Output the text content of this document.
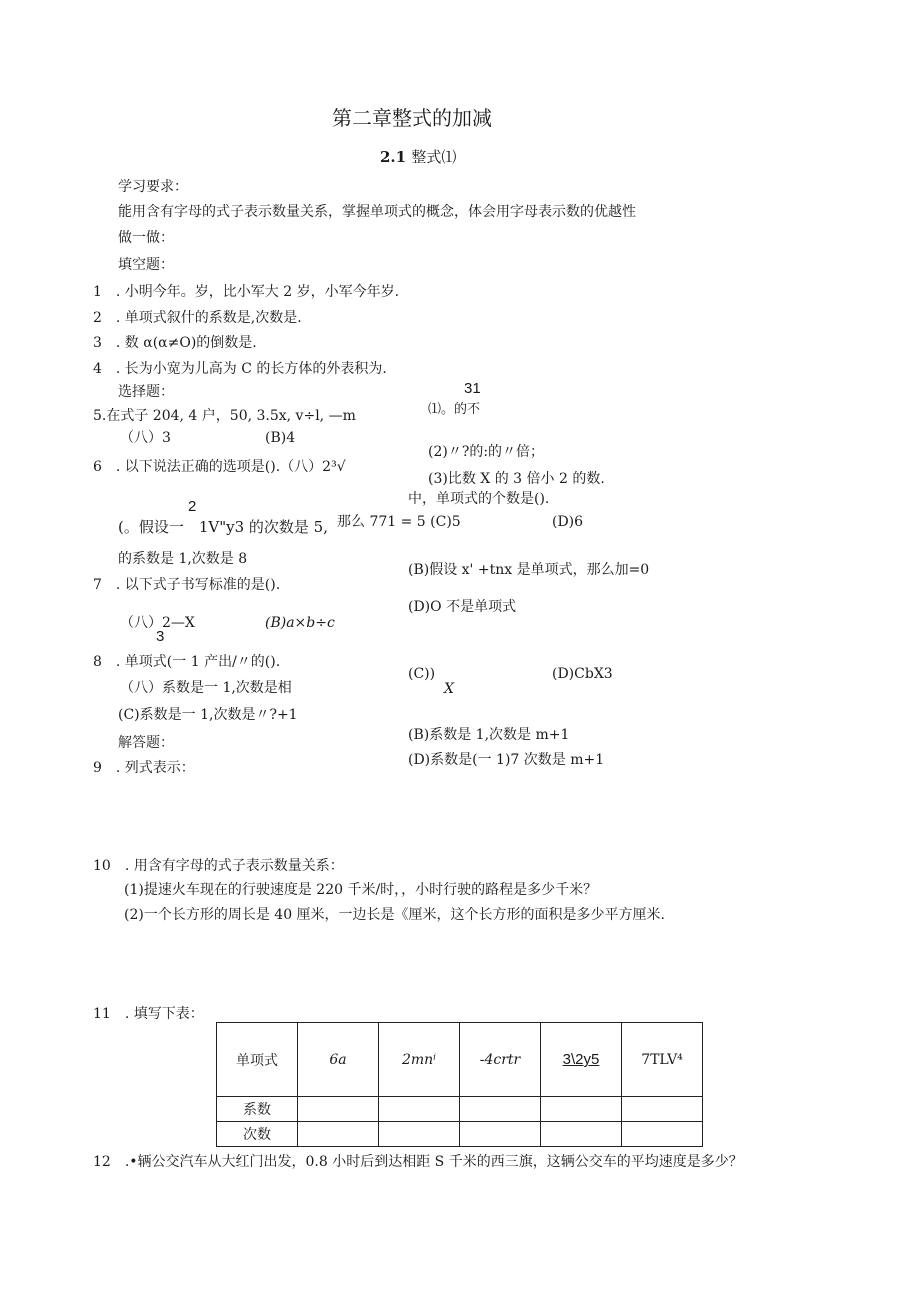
第二章整式的加减
2.1 整式⑴
学习要求：
能用含有字母的式子表示数量关系，掌握单项式的概念，体会用字母表示数的优越性
做一做：
填空题：
1　. 小明今年。岁，比小军大 2 岁，小军今年岁.
2　. 单项式叙什的系数是,次数是.
3　. 数 α(α≠O)的倒数是.
4　. 长为小宽为儿高为 C 的长方体的外表积为.
选择题：	31
5.在式子 204, 4 户，50, 3.5x, v÷l, —m	⑴。的不
（八）3	(B)4
(2)〃?的:的〃倍；
6　. 以下说法正确的选项是().（八）2³√
(3)比数 X 的 3 倍小 2 的数.
2	中，单项式的个数是().
(。假设一　1V"y3 的次数是 5, 那么 771 = 5 (C)5	(D)6
的系数是 1,次数是 8
(B)假设 x' +tnx 是单项式，那么加=0
7　. 以下式子书写标准的是().
(D)O 不是单项式
（八）2—X	(B)a×b÷c
3
8　. 单项式(一 1 产出/〃的().
(C))	(D)CbX3
（八）系数是一 1,次数是相	X
(C)系数是一 1,次数是〃?+1
(B)系数是 1,次数是 m+1
解答题：
(D)系数是(一 1)7 次数是 m+1
9　. 列式表示：
10　. 用含有字母的式子表示数量关系：
(1)提速火车现在的行驶速度是 220 千米/时，，小时行驶的路程是多少千米？
(2)一个长方形的周长是 40 厘米，一边长是《厘米，这个长方形的面积是多少平方厘米.
11　. 填写下表：
单项式	6a	2mnⁱ	-4crtr	3\2y5	7TLV⁴
系数					
次数					
12　.•辆公交汽车从大红门出发，0.8 小时后到达相距 S 千米的西三旗，这辆公交车的平均速度是多少？
